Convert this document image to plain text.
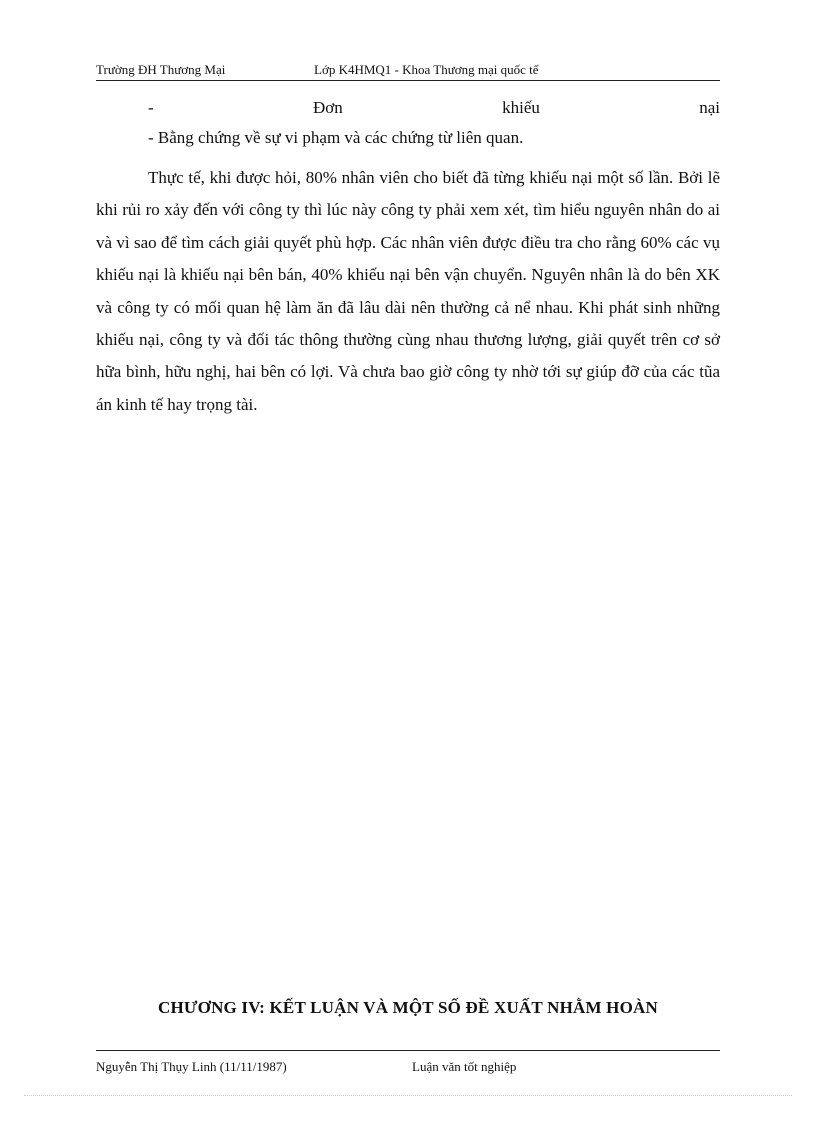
Trường ĐH Thương Mại	Lớp K4HMQ1 - Khoa Thương mại quốc tế
-	Đơn	khiếu	nại
- Bằng chứng về sự vi phạm và các chứng từ liên quan.

Thực tế, khi được hỏi, 80% nhân viên cho biết đã từng khiếu nại một số lần. Bởi lẽ khi rủi ro xảy đến với công ty thì lúc này công ty phải xem xét, tìm hiểu nguyên nhân do ai và vì sao để tìm cách giải quyết phù hợp. Các nhân viên được điều tra cho rằng 60% các vụ khiếu nại là khiếu nại bên bán, 40% khiếu nại bên vận chuyển. Nguyên nhân là do bên XK và công ty có mối quan hệ làm ăn đã lâu dài nên thường cả nể nhau. Khi phát sinh những khiếu nại, công ty và đối tác thông thường cùng nhau thương lượng, giải quyết trên cơ sở hữa bình, hữu nghị, hai bên có lợi. Và chưa bao giờ công ty nhờ tới sự giúp đỡ của các tũa án kinh tế hay trọng tài.

CHƯƠNG IV: KẾT LUẬN VÀ MỘT SỐ ĐỀ XUẤT NHẰM HOÀN
Nguyễn Thị Thụy Linh (11/11/1987)	Luận văn tốt nghiệp
